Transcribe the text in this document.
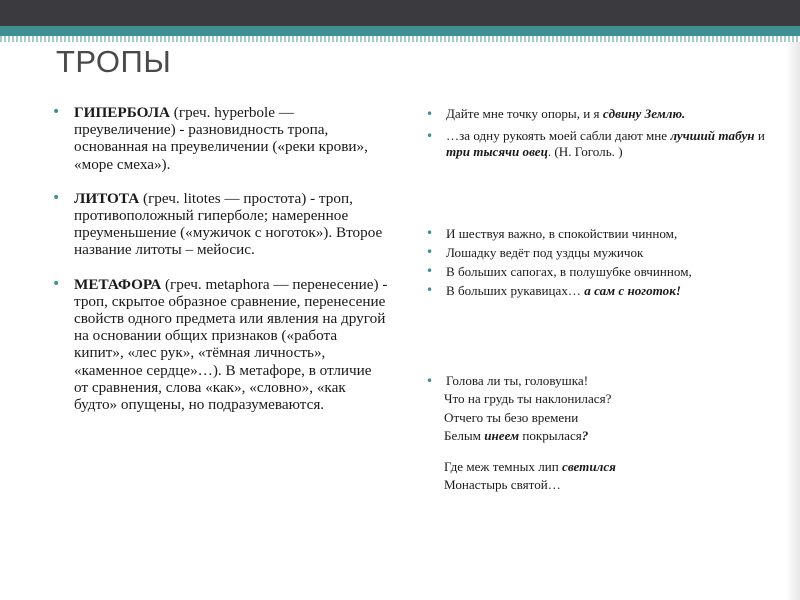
ТРОПЫ
• ГИПЕРБОЛА (греч. hyperbole — преувеличение) - разновидность тропа, основанная на преувеличении («реки крови», «море смеха»).
• ЛИТОТА (греч. litotes — простота) - троп, противоположный гиперболе; намеренное преуменьшение («мужичок с ноготок»). Второе название литоты – мейосис.
• МЕТАФОРА (греч. metaphora — перенесение) - троп, скрытое образное сравнение, перенесение свойств одного предмета или явления на другой на основании общих признаков («работа кипит», «лес рук», «тёмная личность», «каменное сердце»…). В метафоре, в отличие от сравнения, слова «как», «словно», «как будто» опущены, но подразумеваются.
• Дайте мне точку опоры, и я сдвину Землю.
• …за одну рукоять моей сабли дают мне лучший табун и три тысячи овец. (Н. Гоголь. )
• И шествуя важно, в спокойствии чинном,
• Лошадку ведёт под уздцы мужичок
• В больших сапогах, в полушубке овчинном,
• В больших рукавицах… а сам с ноготок!
• Голова ли ты, головушка!
Что на грудь ты наклонилася?
Отчего ты безо времени
Белым инеем покрылася?
Где меж темных лип светился
Монастырь святой…
